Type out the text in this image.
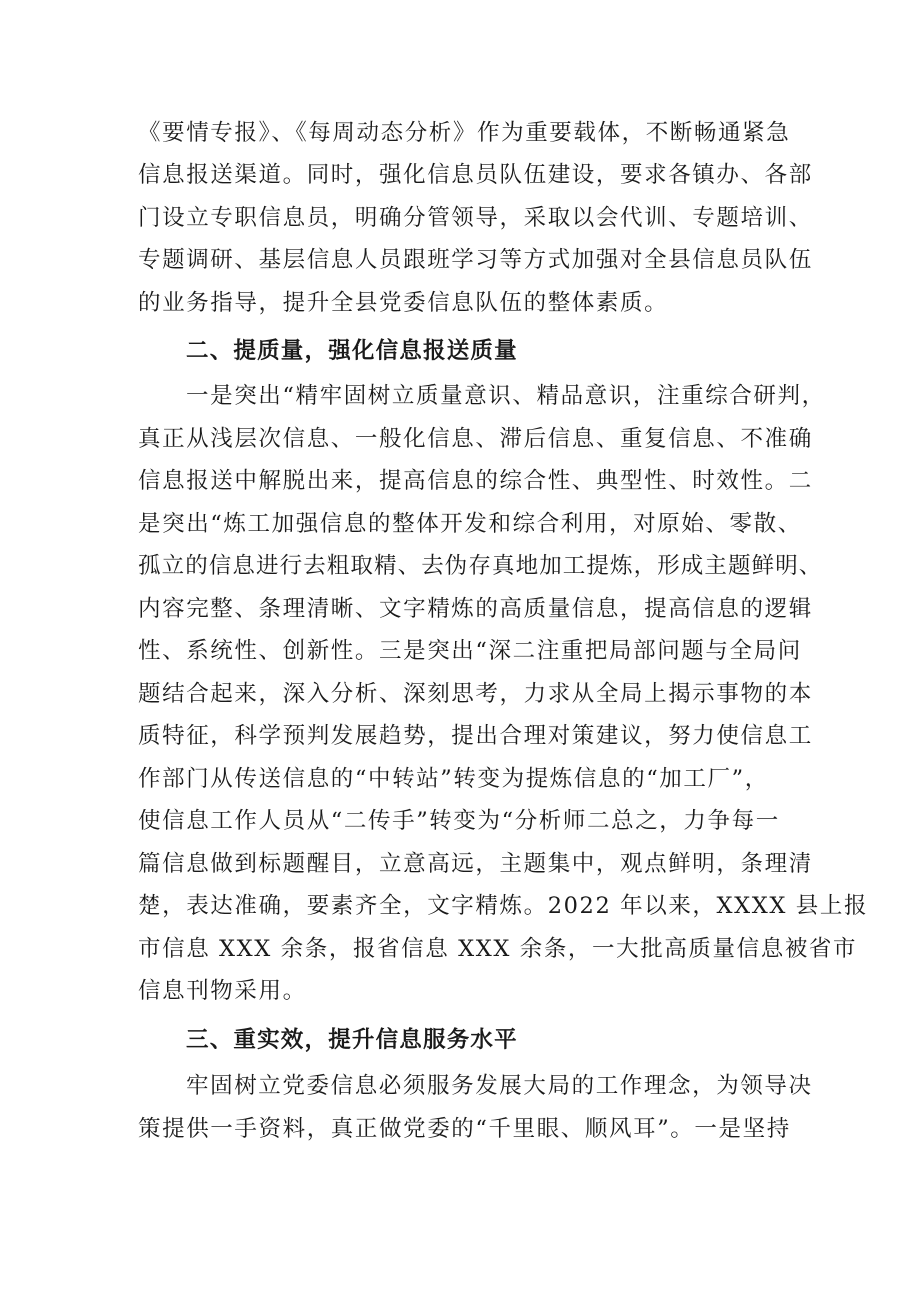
《要情专报》、《每周动态分析》作为重要载体，不断畅通紧急
信息报送渠道。同时，强化信息员队伍建设，要求各镇办、各部
门设立专职信息员，明确分管领导，采取以会代训、专题培训、
专题调研、基层信息人员跟班学习等方式加强对全县信息员队伍
的业务指导，提升全县党委信息队伍的整体素质。
二、提质量，强化信息报送质量
一是突出“精牢固树立质量意识、精品意识，注重综合研判，
真正从浅层次信息、一般化信息、滞后信息、重复信息、不准确
信息报送中解脱出来，提高信息的综合性、典型性、时效性。二
是突出“炼工加强信息的整体开发和综合利用，对原始、零散、
孤立的信息进行去粗取精、去伪存真地加工提炼，形成主题鲜明、
内容完整、条理清晰、文字精炼的高质量信息，提高信息的逻辑
性、系统性、创新性。三是突出“深二注重把局部问题与全局问
题结合起来，深入分析、深刻思考，力求从全局上揭示事物的本
质特征，科学预判发展趋势，提出合理对策建议，努力使信息工
作部门从传送信息的“中转站”转变为提炼信息的“加工厂”，
使信息工作人员从“二传手”转变为“分析师二总之，力争每一
篇信息做到标题醒目，立意高远，主题集中，观点鲜明，条理清
楚，表达准确，要素齐全，文字精炼。2022 年以来，XXXX 县上报
市信息 XXX 余条，报省信息 XXX 余条，一大批高质量信息被省市
信息刊物采用。
三、重实效，提升信息服务水平
牢固树立党委信息必须服务发展大局的工作理念，为领导决
策提供一手资料，真正做党委的“千里眼、顺风耳”。一是坚持
